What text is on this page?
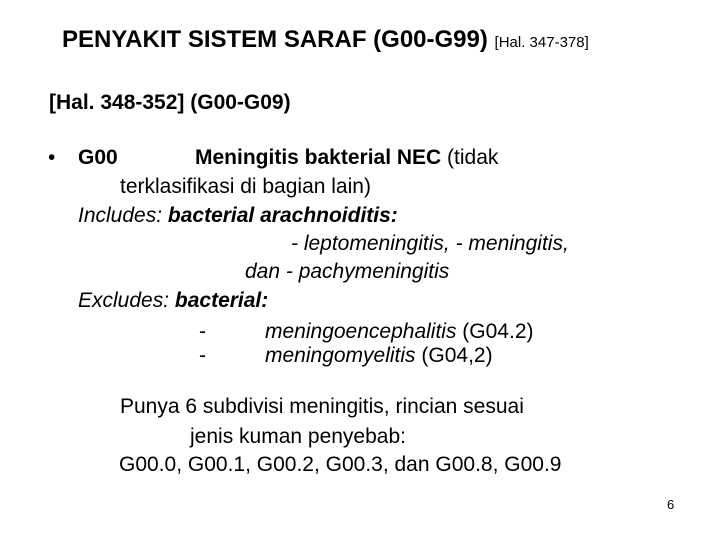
PENYAKIT SISTEM SARAF (G00-G99) [Hal. 347-378]
[Hal. 348-352] (G00-G09)
• G00	Meningitis bakterial NEC (tidak
terklasifikasi di bagian lain)
Includes: bacterial arachnoiditis:
- leptomeningitis, - meningitis,
dan - pachymeningitis
Excludes: bacterial:
-	meningoencephalitis (G04.2)
-	meningomyelitis (G04,2)
Punya 6 subdivisi meningitis, rincian sesuai
jenis kuman penyebab:
G00.0, G00.1, G00.2, G00.3, dan G00.8, G00.9
6
